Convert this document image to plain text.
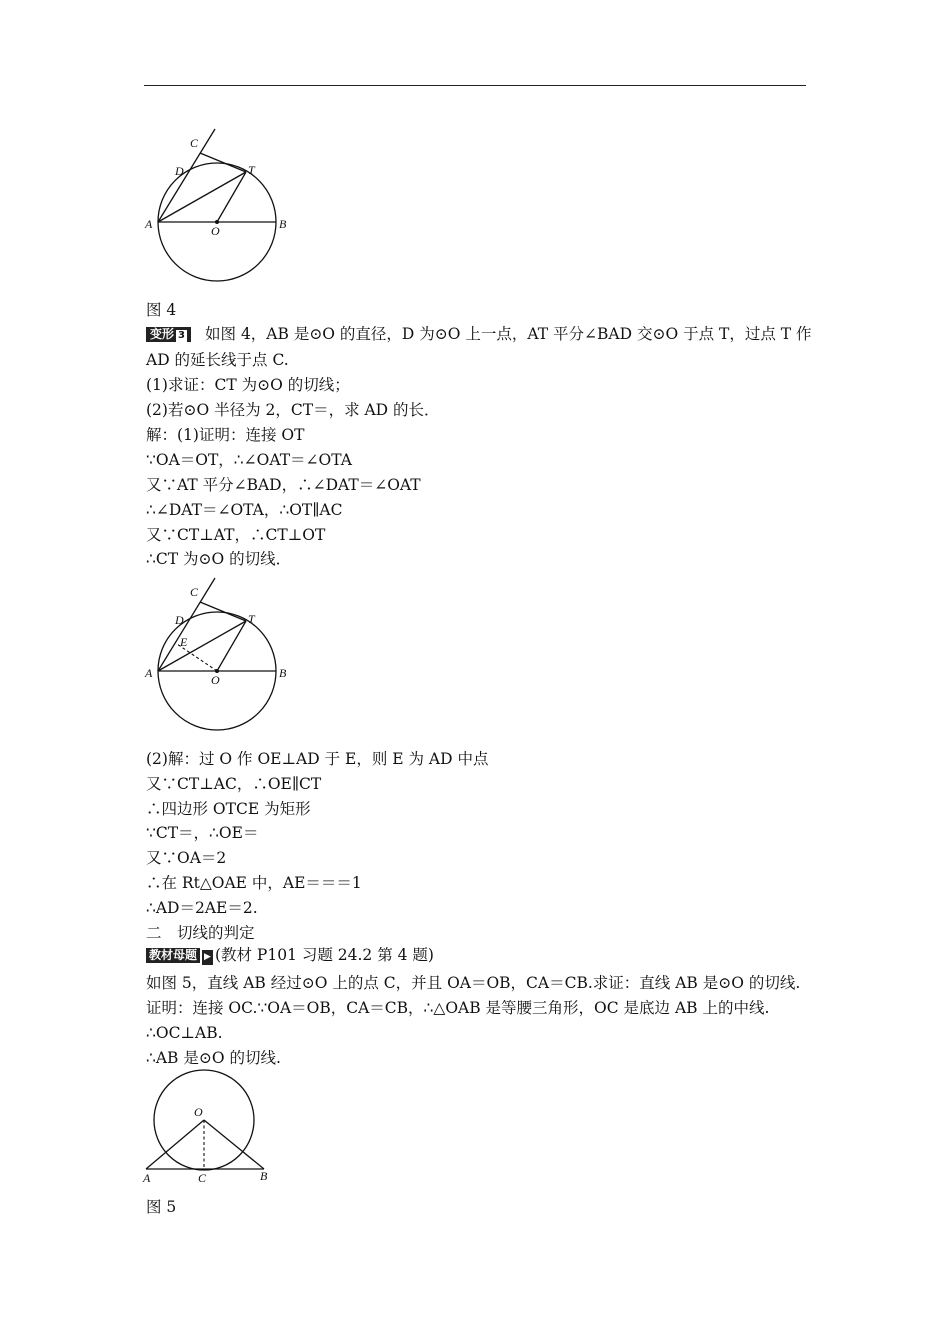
C
D	T
A	O	B
图 4
变形 3 如图 4，AB 是⊙O 的直径，D 为⊙O 上一点，AT 平分∠BAD 交⊙O 于点 T，过点 T 作
AD 的延长线于点 C.
(1)求证：CT 为⊙O 的切线；
(2)若⊙O 半径为 2，CT＝，求 AD 的长．
解：(1)证明：连接 OT
∵OA＝OT，∴∠OAT＝∠OTA
又∵AT 平分∠BAD，∴∠DAT＝∠OAT
∴∠DAT＝∠OTA，∴OT∥AC
又∵CT⊥AT，∴CT⊥OT
∴CT 为⊙O 的切线．
C
D	T
E
A	O	B
(2)解：过 O 作 OE⊥AD 于 E，则 E 为 AD 中点
又∵CT⊥AC，∴OE∥CT
∴四边形 OTCE 为矩形
∵CT＝，∴OE＝
又∵OA＝2
∴在 Rt△OAE 中，AE＝＝＝1
∴AD＝2AE＝2.
二　切线的判定
教材母题 ▶ (教材 P101 习题 24.2 第 4 题)
如图 5，直线 AB 经过⊙O 上的点 C，并且 OA＝OB，CA＝CB.求证：直线 AB 是⊙O 的切线.
证明：连接 OC.∵OA＝OB，CA＝CB，∴△OAB 是等腰三角形，OC 是底边 AB 上的中线.
∴OC⊥AB.
∴AB 是⊙O 的切线.
O
A	C	B
图 5
